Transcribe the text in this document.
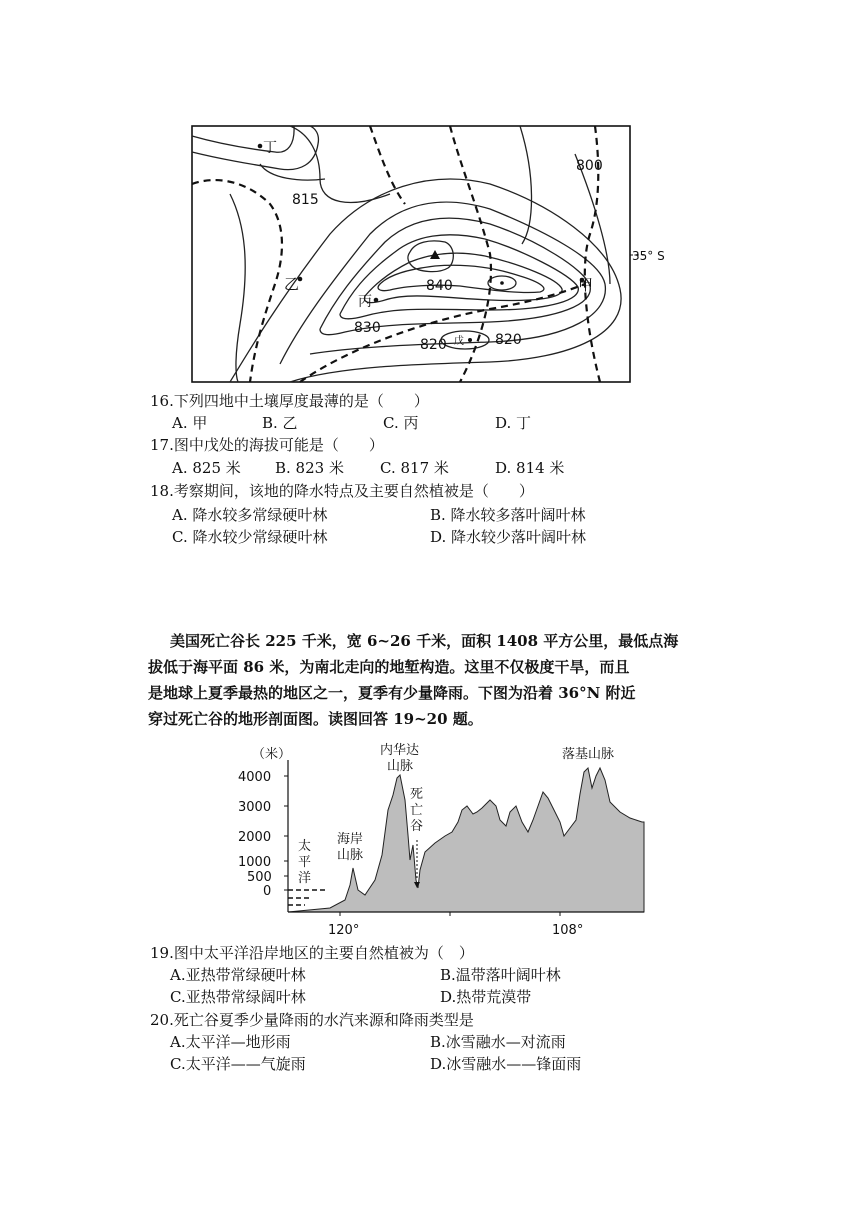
丁
乙
丙
甲
戊
815
800
840
830
820	820
35° S
16.下列四地中土壤厚度最薄的是（　　）
A. 甲	B. 乙	C. 丙	D. 丁
17.图中戊处的海拔可能是（　　）
A. 825 米 B. 823 米 C. 817 米	D. 814 米
18.考察期间，该地的降水特点及主要自然植被是（　　）
A. 降水较多常绿硬叶林	B. 降水较多落叶阔叶林
C. 降水较少常绿硬叶林	D. 降水较少落叶阔叶林
美国死亡谷长 225 千米，宽 6~26 千米，面积 1408 平方公里，最低点海
拔低于海平面 86 米，为南北走向的地堑构造。这里不仅极度干旱，而且
是地球上夏季最热的地区之一，夏季有少量降雨。下图为沿着 36°N 附近
穿过死亡谷的地形剖面图。读图回答 19~20 题。
（米）
4000
3000
2000
1000
500
0
120°	108°
太
平
洋
海岸
山脉
内华达
山脉
死
亡
谷
落基山脉
19.图中太平洋沿岸地区的主要自然植被为（　）
A.亚热带常绿硬叶林	B.温带落叶阔叶林
C.亚热带常绿阔叶林	D.热带荒漠带
20.死亡谷夏季少量降雨的水汽来源和降雨类型是
A.太平洋—地形雨	B.冰雪融水—对流雨
C.太平洋——气旋雨	D.冰雪融水——锋面雨
